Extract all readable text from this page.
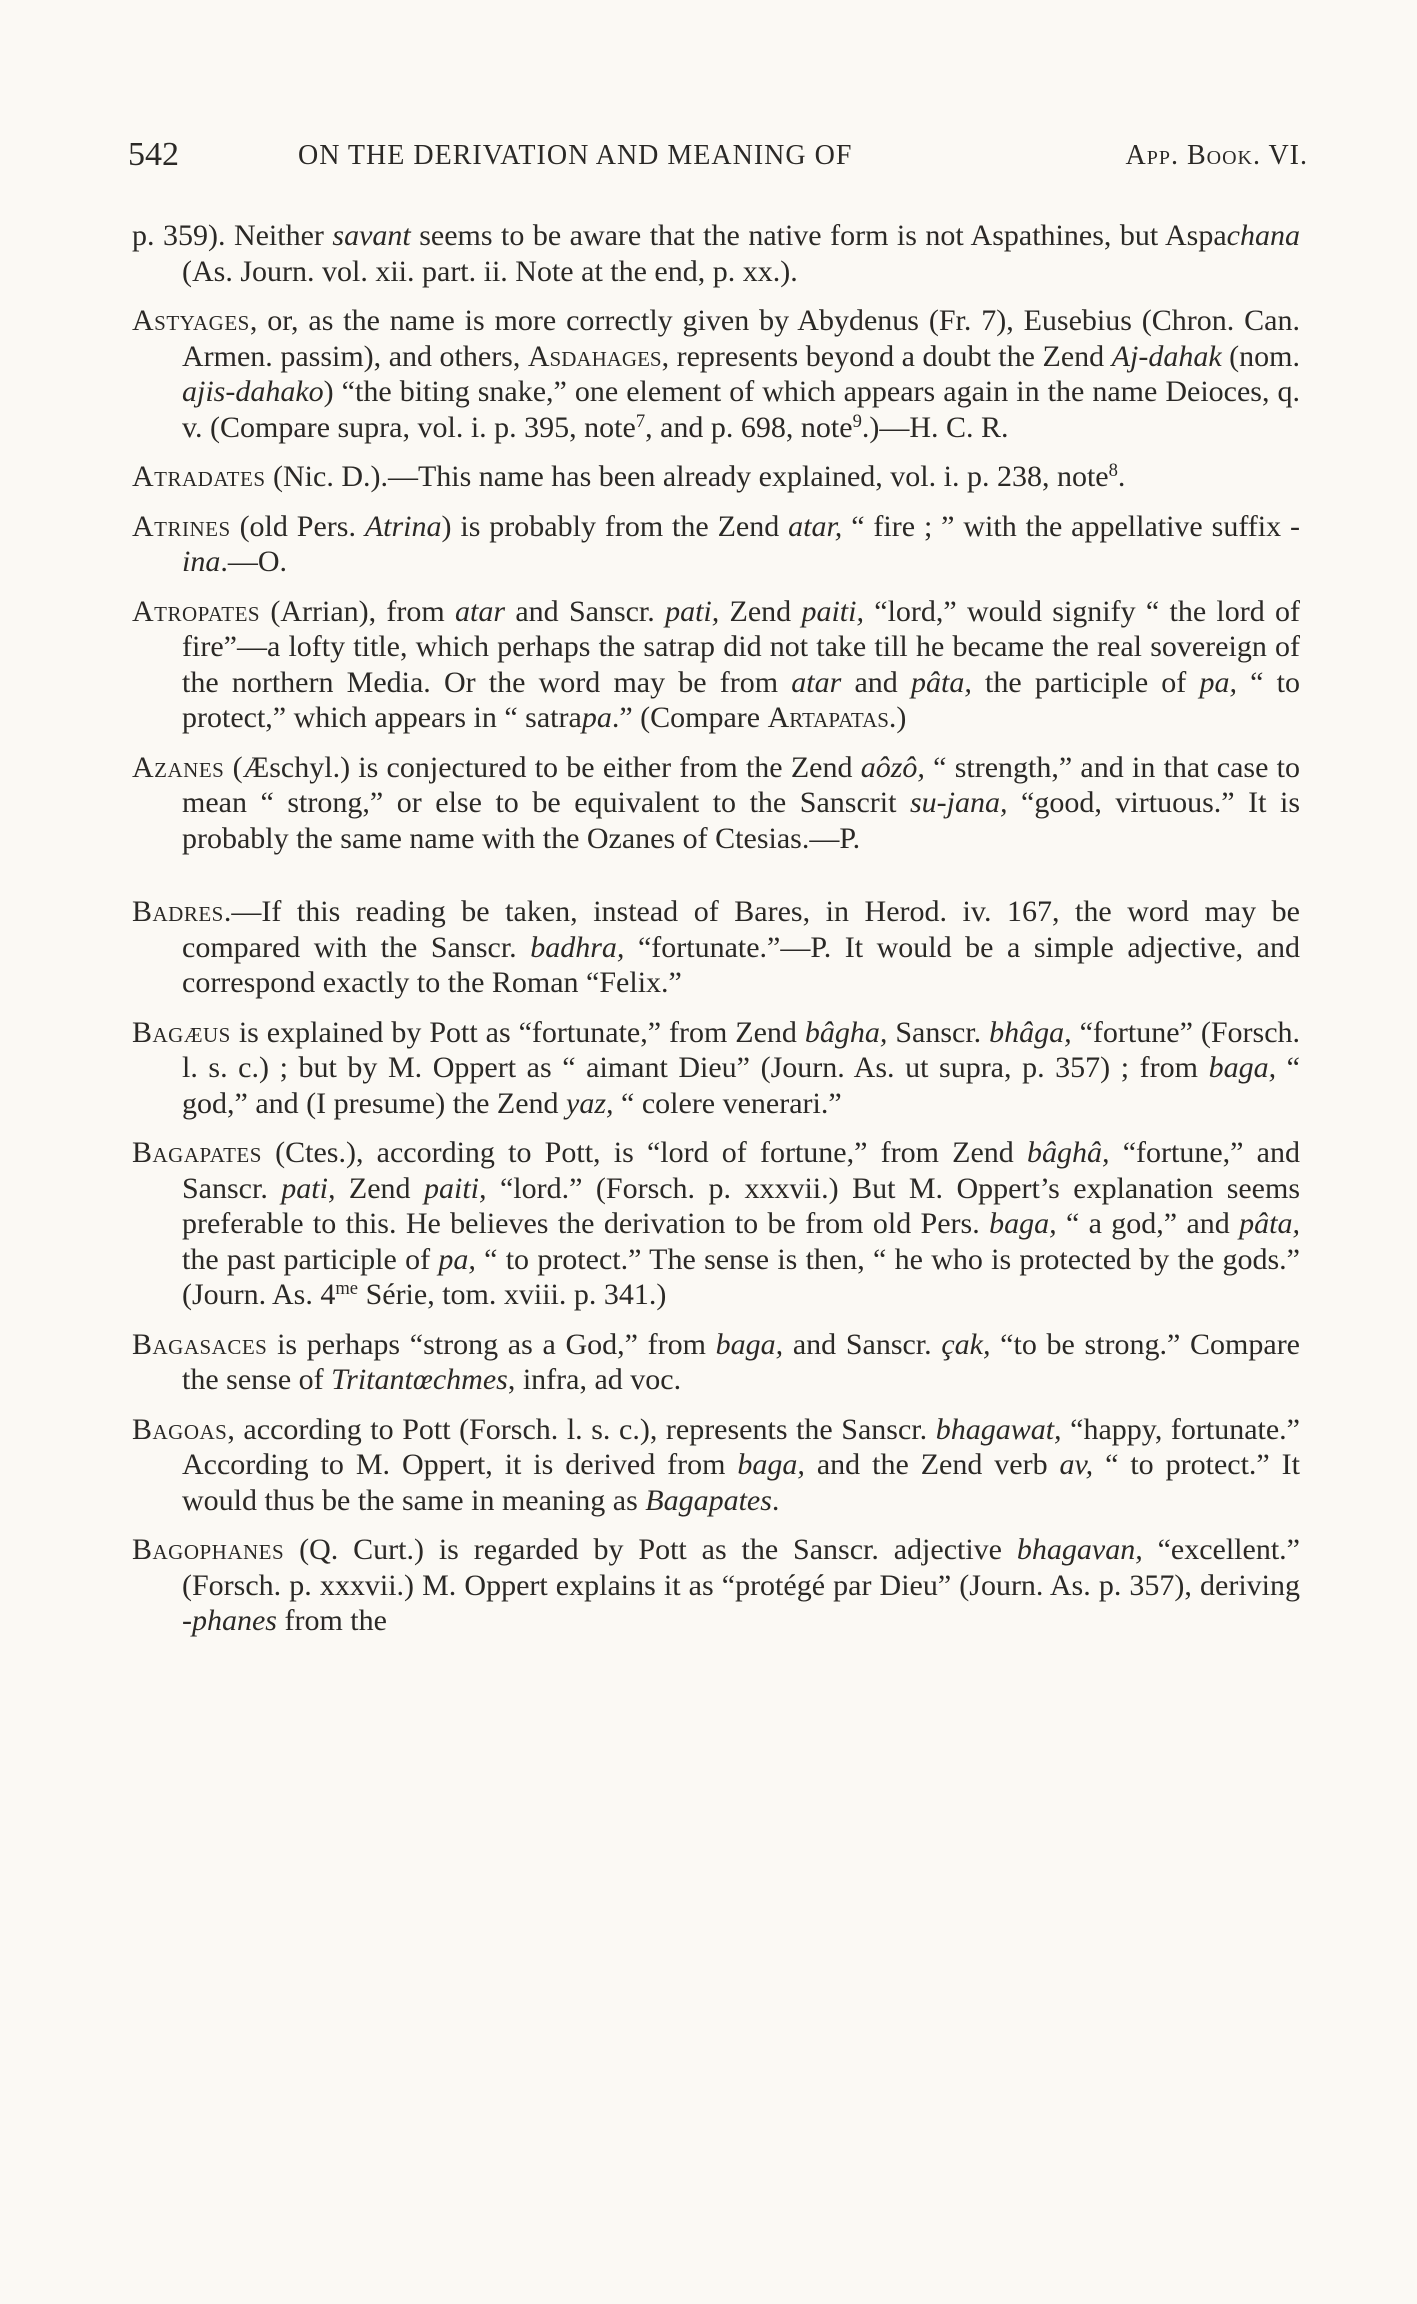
542	ON THE DERIVATION AND MEANING OF	App. Book. VI.

p. 359). Neither savant seems to be aware that the native form is not Aspathines, but Aspachana (As. Journ. vol. xii. part. ii. Note at the end, p. xx.).

Astyages, or, as the name is more correctly given by Abydenus (Fr. 7), Eusebius (Chron. Can. Armen. passim), and others, Asdahages, represents beyond a doubt the Zend Aj-dahak (nom. ajis-dahako) “the biting snake,” one element of which appears again in the name Deioces, q. v. (Compare supra, vol. i. p. 395, note$^7$, and p. 698, note$^9$.)—H. C. R.

Atradates (Nic. D.).—This name has been already explained, vol. i. p. 238, note$^8$.

Atrines (old Pers. Atrina) is probably from the Zend atar, “ fire ; ” with the appellative suffix -ina.—O.

Atropates (Arrian), from atar and Sanscr. pati, Zend paiti, “lord,” would signify “ the lord of fire”—a lofty title, which perhaps the satrap did not take till he became the real sovereign of the northern Media. Or the word may be from atar and pâta, the participle of pa, “ to protect,” which appears in “ satrapa.” (Compare Artapatas.)

Azanes (Æschyl.) is conjectured to be either from the Zend aôzô, “ strength,” and in that case to mean “ strong,” or else to be equivalent to the Sanscrit su-jana, “good, virtuous.” It is probably the same name with the Ozanes of Ctesias.—P.

Badres.—If this reading be taken, instead of Bares, in Herod. iv. 167, the word may be compared with the Sanscr. badhra, “fortunate.”—P. It would be a simple adjective, and correspond exactly to the Roman “Felix.”

Bagæus is explained by Pott as “fortunate,” from Zend bâgha, Sanscr. bhâga, “fortune” (Forsch. l. s. c.) ; but by M. Oppert as “ aimant Dieu” (Journ. As. ut supra, p. 357) ; from baga, “ god,” and (I presume) the Zend yaz, “ colere venerari.”

Bagapates (Ctes.), according to Pott, is “lord of fortune,” from Zend bâghâ, “fortune,” and Sanscr. pati, Zend paiti, “lord.” (Forsch. p. xxxvii.) But M. Oppert’s explanation seems preferable to this. He believes the derivation to be from old Pers. baga, “ a god,” and pâta, the past participle of pa, “ to protect.” The sense is then, “ he who is protected by the gods.” (Journ. As. $4^{me}$ Série, tom. xviii. p. 341.)

Bagasaces is perhaps “strong as a God,” from baga, and Sanscr. çak, “to be strong.” Compare the sense of Tritantœchmes, infra, ad voc.

Bagoas, according to Pott (Forsch. l. s. c.), represents the Sanscr. bhagawat, “happy, fortunate.” According to M. Oppert, it is derived from baga, and the Zend verb av, “ to protect.” It would thus be the same in meaning as Bagapates.

Bagophanes (Q. Curt.) is regarded by Pott as the Sanscr. adjective bhagavan, “excellent.” (Forsch. p. xxxvii.) M. Oppert explains it as “protégé par Dieu” (Journ. As. p. 357), deriving -phanes from the
